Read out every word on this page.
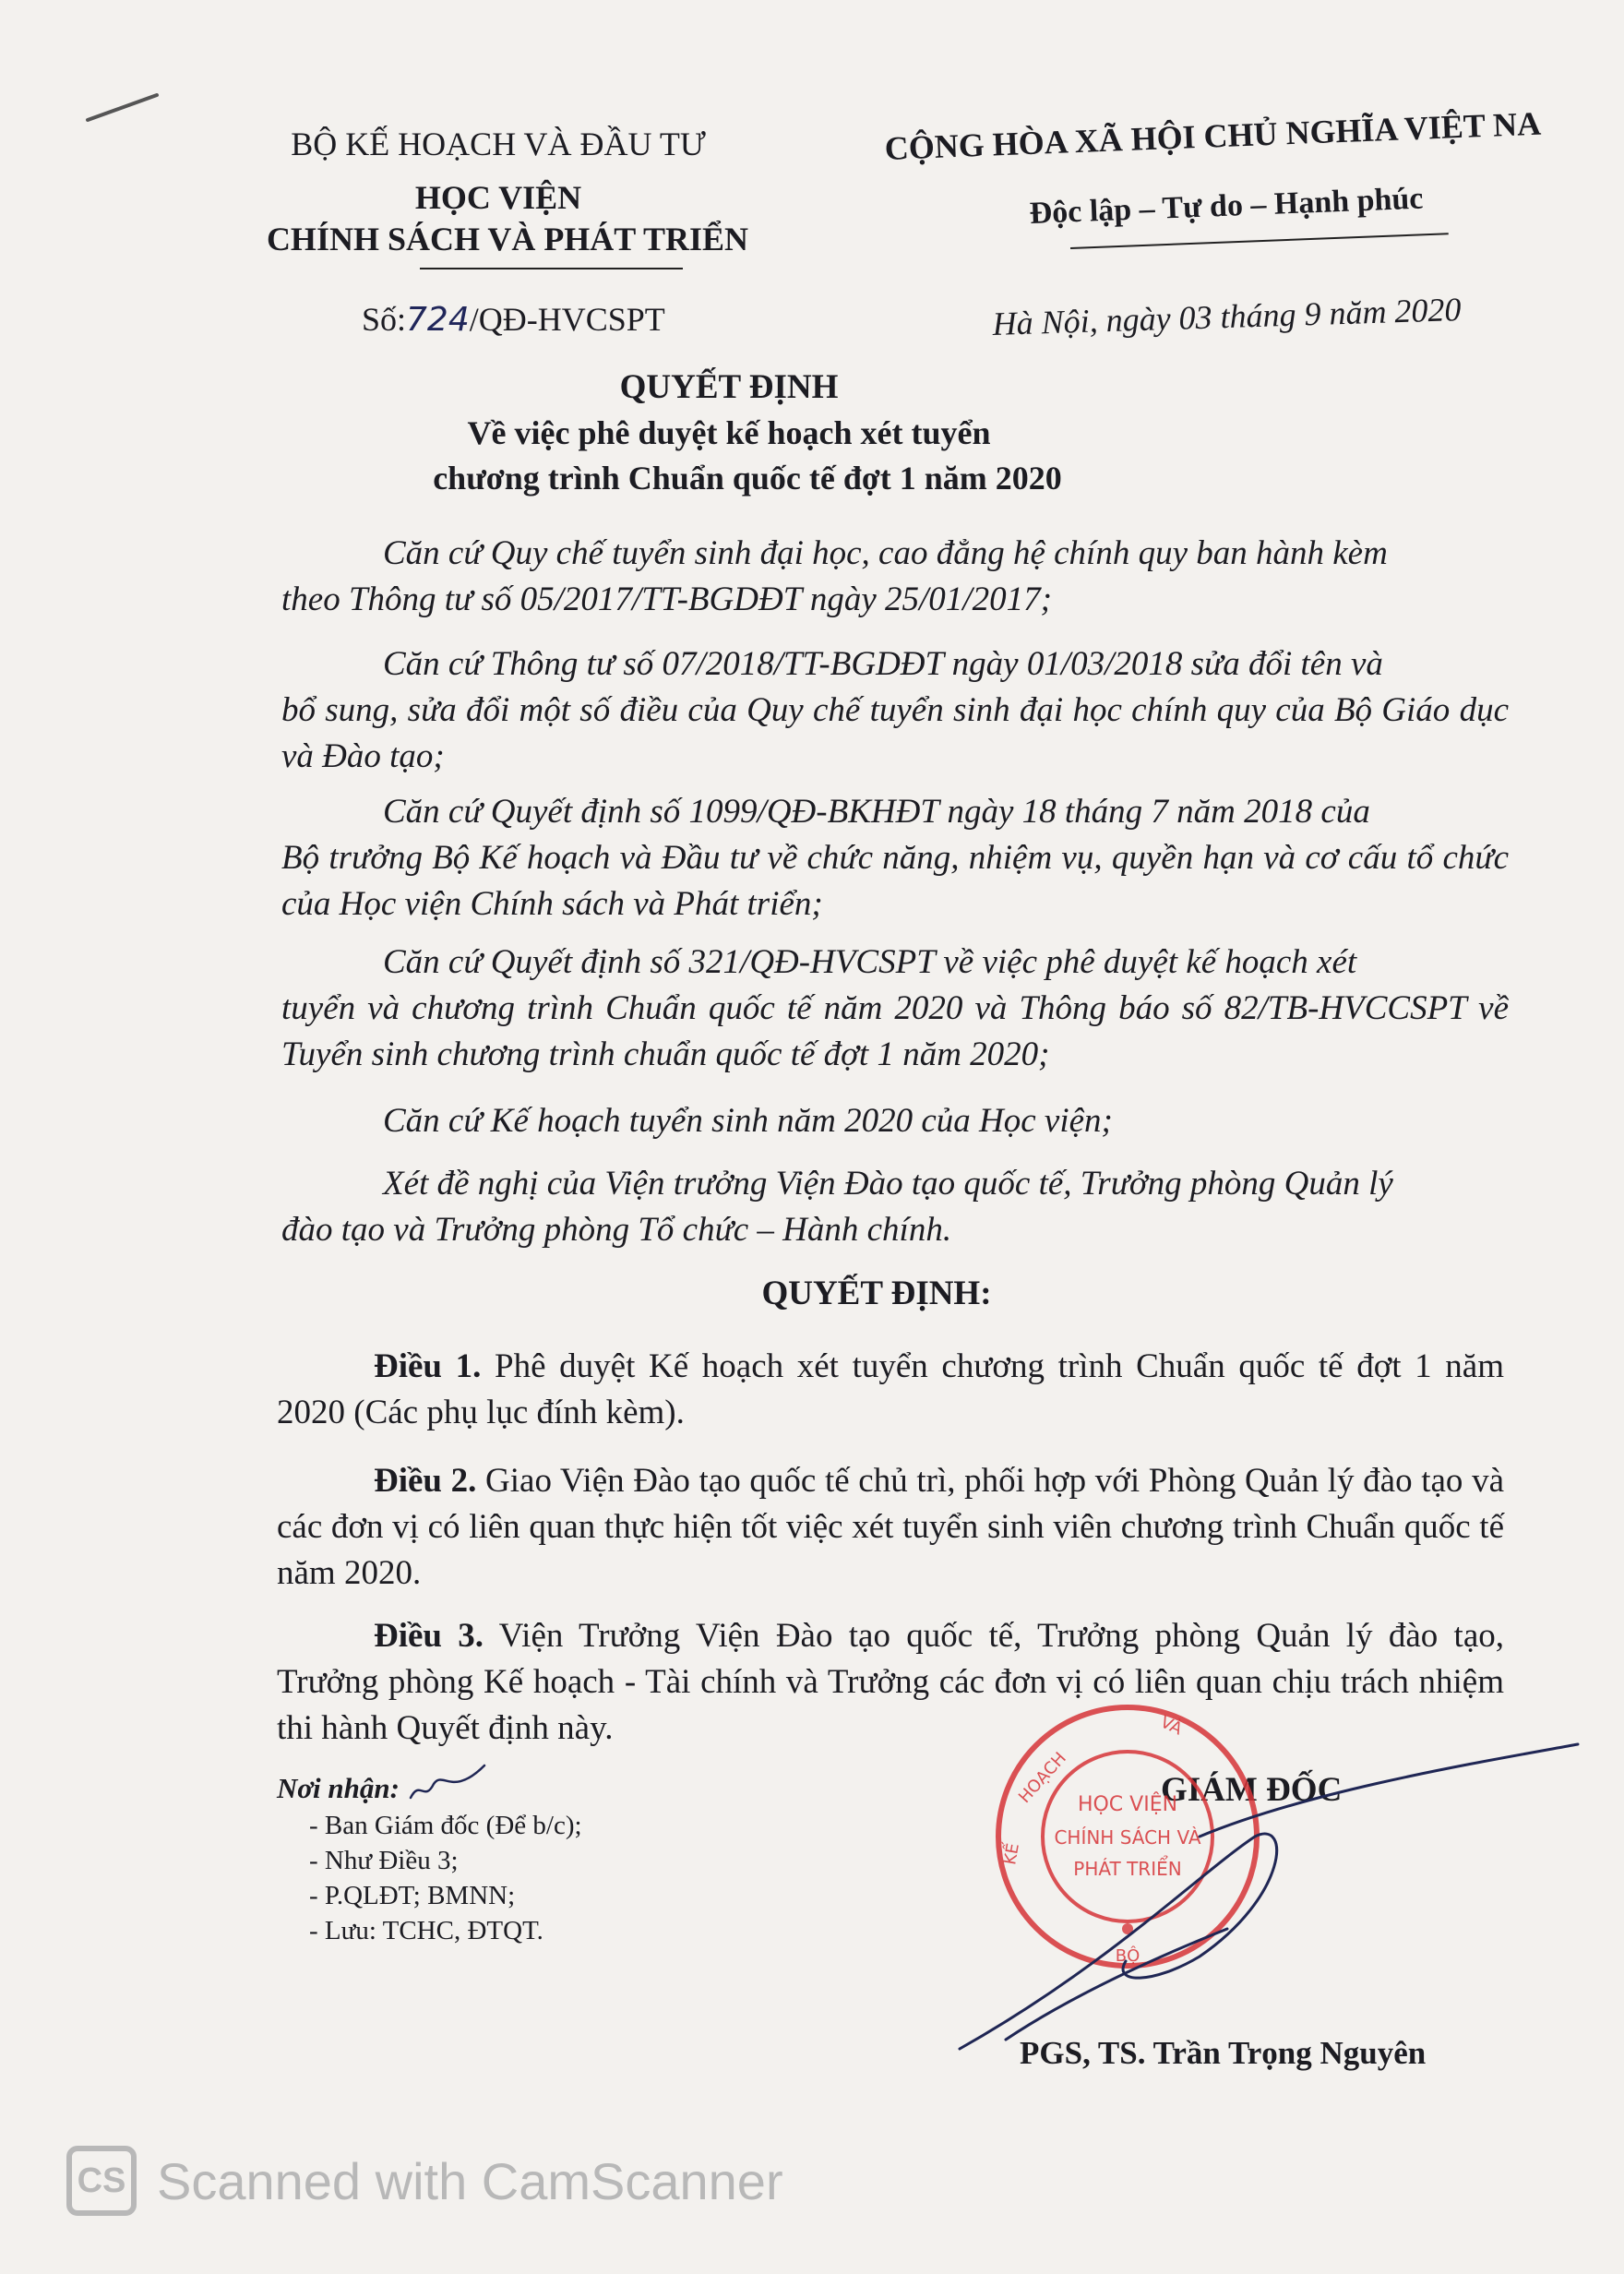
BỘ KẾ HOẠCH VÀ ĐẦU TƯ
HỌC VIỆN
CHÍNH SÁCH VÀ PHÁT TRIỂN
CỘNG HÒA XÃ HỘI CHỦ NGHĨA VIỆT NA
Độc lập – Tự do – Hạnh phúc
Số:724/QĐ-HVCSPT	Hà Nội, ngày 03 tháng 9 năm 2020
QUYẾT ĐỊNH
Về việc phê duyệt kế hoạch xét tuyển
chương trình Chuẩn quốc tế đợt 1 năm 2020
Căn cứ Quy chế tuyển sinh đại học, cao đẳng hệ chính quy ban hành kèm
theo Thông tư số 05/2017/TT-BGDĐT ngày 25/01/2017;
Căn cứ Thông tư số 07/2018/TT-BGDĐT ngày 01/03/2018 sửa đổi tên và
bổ sung, sửa đổi một số điều của Quy chế tuyển sinh đại học chính quy của Bộ Giáo dục và Đào tạo;
Căn cứ Quyết định số 1099/QĐ-BKHĐT ngày 18 tháng 7 năm 2018 của
Bộ trưởng Bộ Kế hoạch và Đầu tư về chức năng, nhiệm vụ, quyền hạn và cơ cấu tổ chức của Học viện Chính sách và Phát triển;
Căn cứ Quyết định số 321/QĐ-HVCSPT về việc phê duyệt kế hoạch xét
tuyển và chương trình Chuẩn quốc tế năm 2020 và Thông báo số 82/TB-HVCCSPT về Tuyển sinh chương trình chuẩn quốc tế đợt 1 năm 2020;
Căn cứ Kế hoạch tuyển sinh năm 2020 của Học viện;
Xét đề nghị của Viện trưởng Viện Đào tạo quốc tế, Trưởng phòng Quản lý
đào tạo và Trưởng phòng Tổ chức – Hành chính.
QUYẾT ĐỊNH:
Điều 1. Phê duyệt Kế hoạch xét tuyển chương trình Chuẩn quốc tế đợt 1 năm 2020 (Các phụ lục đính kèm).
Điều 2. Giao Viện Đào tạo quốc tế chủ trì, phối hợp với Phòng Quản lý đào tạo và các đơn vị có liên quan thực hiện tốt việc xét tuyển sinh viên chương trình Chuẩn quốc tế năm 2020.
Điều 3. Viện Trưởng Viện Đào tạo quốc tế, Trưởng phòng Quản lý đào tạo, Trưởng phòng Kế hoạch - Tài chính và Trưởng các đơn vị có liên quan chịu trách nhiệm thi hành Quyết định này.
Nơi nhận:
- Ban Giám đốc (Để b/c);
- Như Điều 3;
- P.QLĐT; BMNN;
- Lưu: TCHC, ĐTQT.
GIÁM ĐỐC
PGS, TS. Trần Trọng Nguyên
HỌC VIỆN
CHÍNH SÁCH VÀ
PHÁT TRIỂN
HOẠCH
VÀ
KẾ
BỘ
CS Scanned with CamScanner
